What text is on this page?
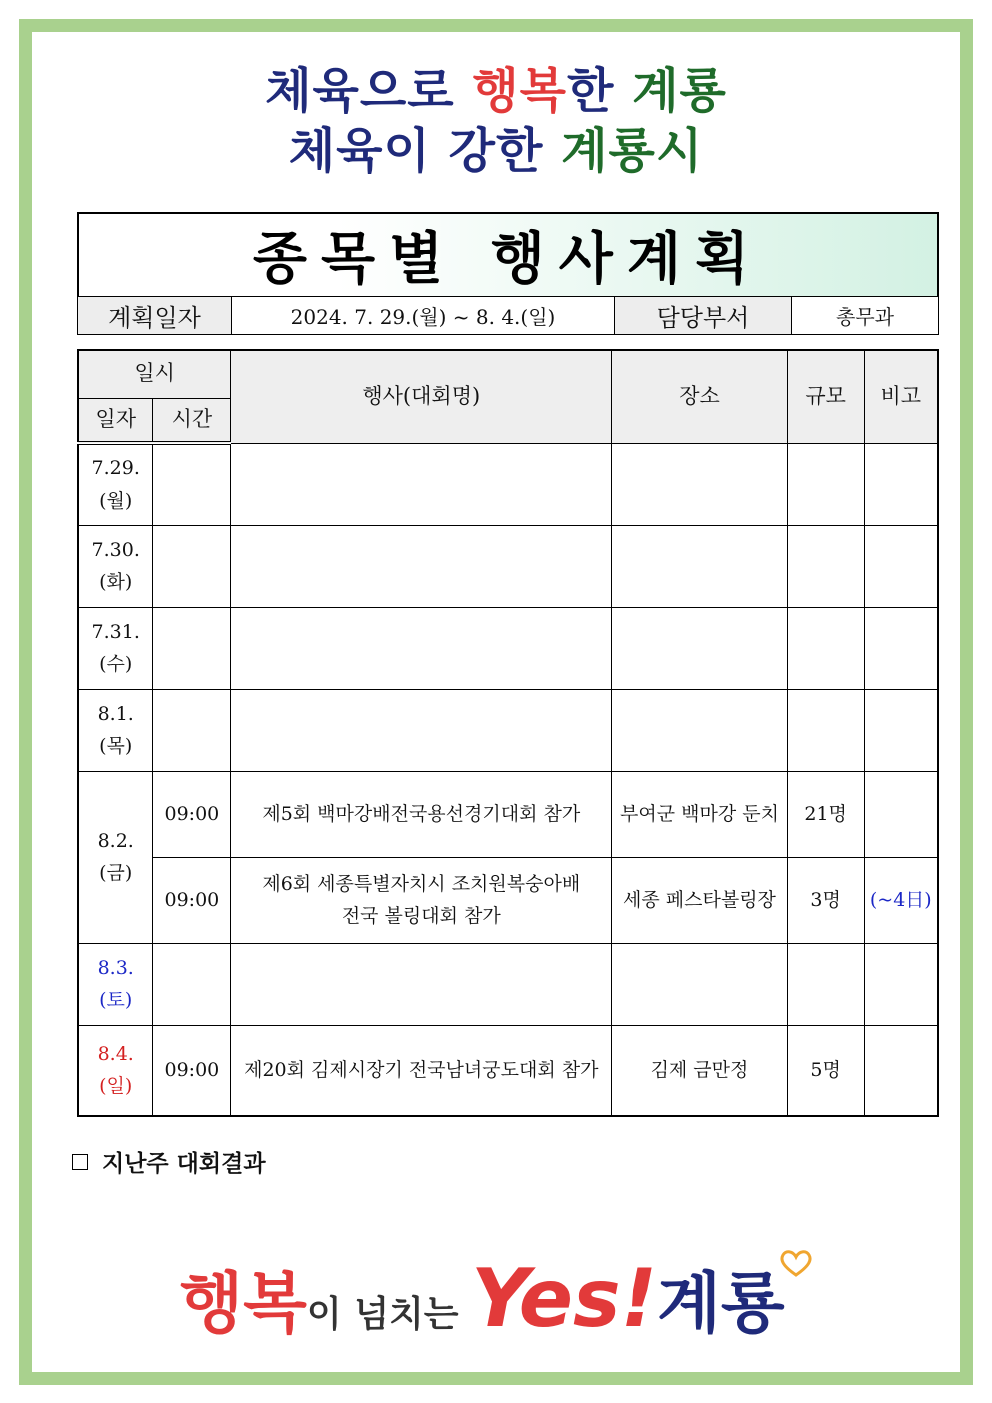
체육으로 행복한 계룡
체육이 강한 계룡시
종목별 행사계획
계획일자	2024. 7. 29.(월) ~ 8. 4.(일)	담당부서	총무과
일시		행사(대회명)	장소	규모	비고
일자	시간				

7.29.
(월)					

7.30.
(화)					

7.31.
(수)					

8.1.
(목)					

8.2.
(금)	09:00	제5회 백마강배전국용선경기대회 참가	부여군 백마강 둔치	21명	
	09:00	제6회 세종특별자치시 조치원복숭아배
전국 볼링대회 참가	세종 페스타볼링장	3명	(~4日)

8.3.
(토)					

8.4.
(일)	09:00	제20회 김제시장기 전국남녀궁도대회 참가	김제 금만정	5명	
지난주 대회결과
행복이 넘치는 Yes!계룡
